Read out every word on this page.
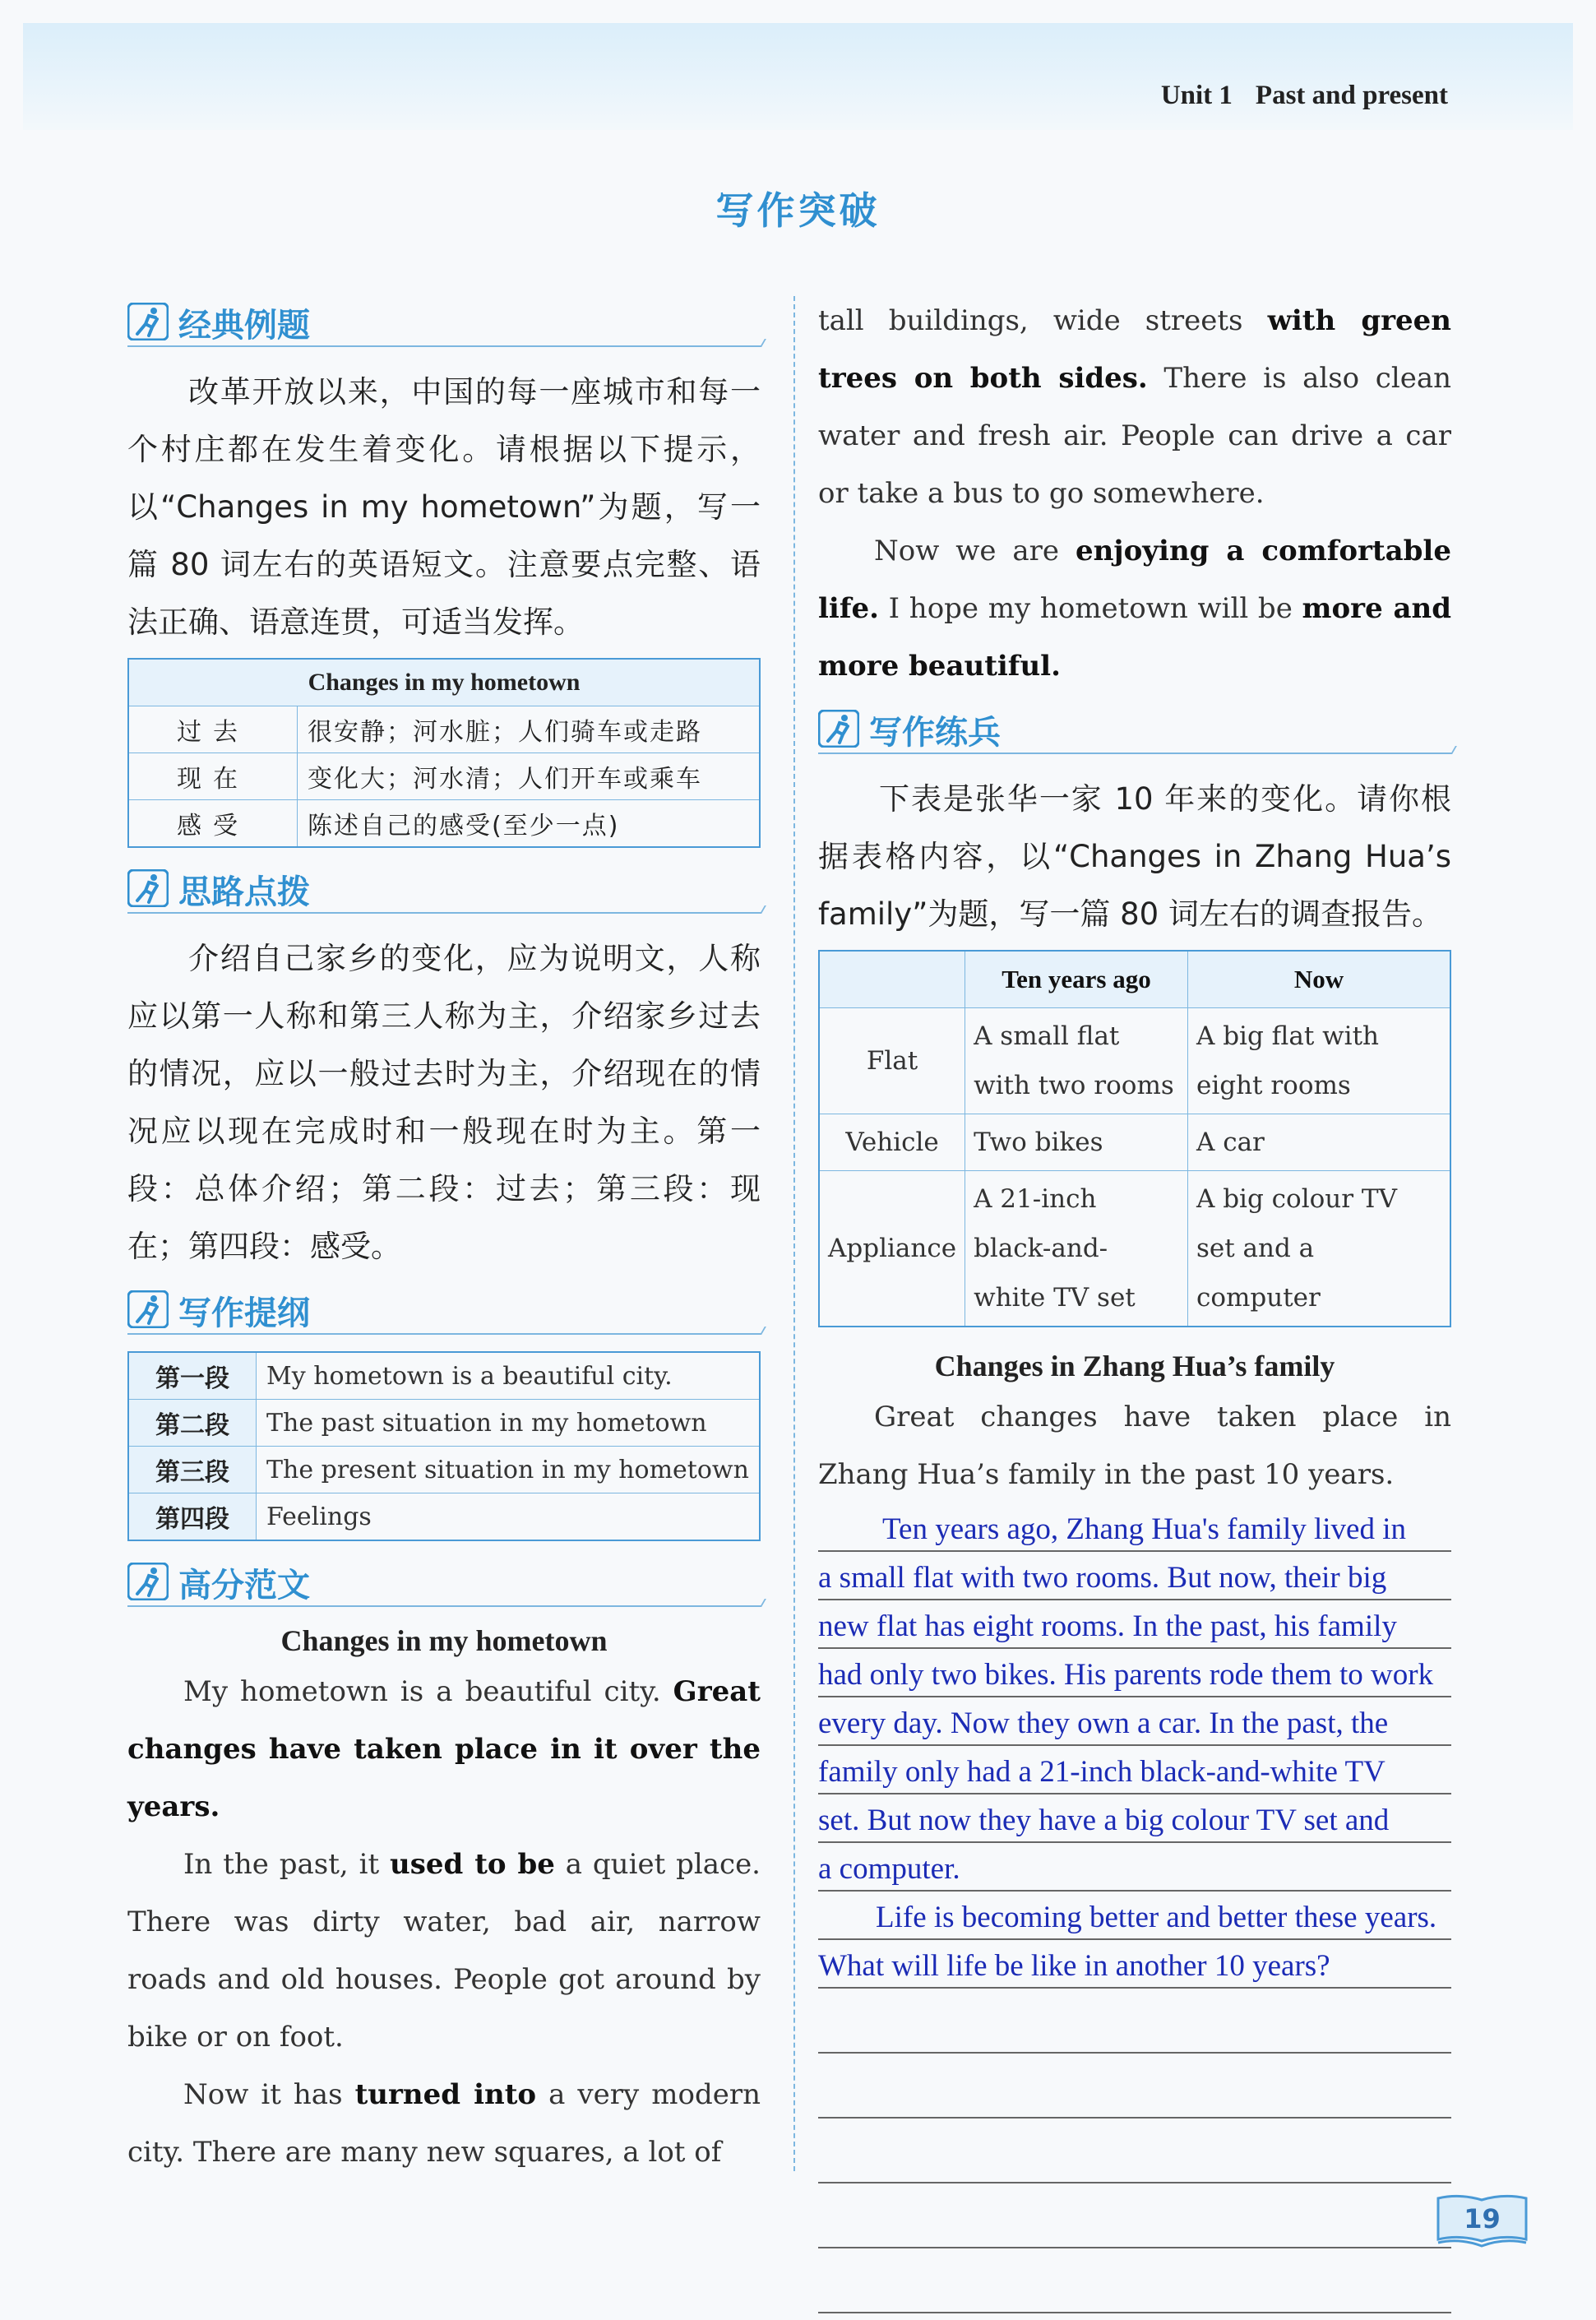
Unit 1 Past and present
写作突破
经典例题

改革开放以来，中国的每一座城市和每一个村庄都在发生着变化。请根据以下提示，以“Changes in my hometown”为题，写一篇 80 词左右的英语短文。注意要点完整、语法正确、语意连贯，可适当发挥。

Changes in my hometown	
过去	很安静；河水脏；人们骑车或走路
现在	变化大；河水清；人们开车或乘车
感受	陈述自己的感受(至少一点)
思路点拨

介绍自己家乡的变化，应为说明文，人称应以第一人称和第三人称为主，介绍家乡过去的情况，应以一般过去时为主，介绍现在的情况应以现在完成时和一般现在时为主。第一段：总体介绍；第二段：过去；第三段：现在；第四段：感受。

写作提纲
第一段	My hometown is a beautiful city.
第二段	The past situation in my hometown
第三段	The present situation in my hometown
第四段	Feelings
高分范文
Changes in my hometown

My hometown is a beautiful city. Great changes have taken place in it over the years.

In the past, it used to be a quiet place. There was dirty water, bad air, narrow roads and old houses. People got around by bike or on foot.

Now it has turned into a very modern city. There are many new squares, a lot of

tall buildings, wide streets with green trees on both sides. There is also clean water and fresh air. People can drive a car or take a bus to go somewhere.

Now we are enjoying a comfortable life. I hope my hometown will be more and more beautiful.

写作练兵

下表是张华一家 10 年来的变化。请你根据表格内容，以“Changes in Zhang Hua’s family”为题，写一篇 80 词左右的调查报告。

	Ten years ago	Now
Flat	A small flat with two rooms	A big flat with eight rooms
Vehicle	Two bikes	A car
Appliance	A 21-inch black-and-white TV set	A big colour TV set and a computer
Changes in Zhang Hua’s family

Great changes have taken place in Zhang Hua’s family in the past 10 years.

Ten years ago, Zhang Hua's family lived in
a small flat with two rooms. But now, their big
new flat has eight rooms. In the past, his family
had only two bikes. His parents rode them to work
every day. Now they own a car. In the past, the
family only had a 21-inch black-and-white TV
set. But now they have a big colour TV set and
a computer.
Life is becoming better and better these years.
What will life be like in another 10 years?
19
